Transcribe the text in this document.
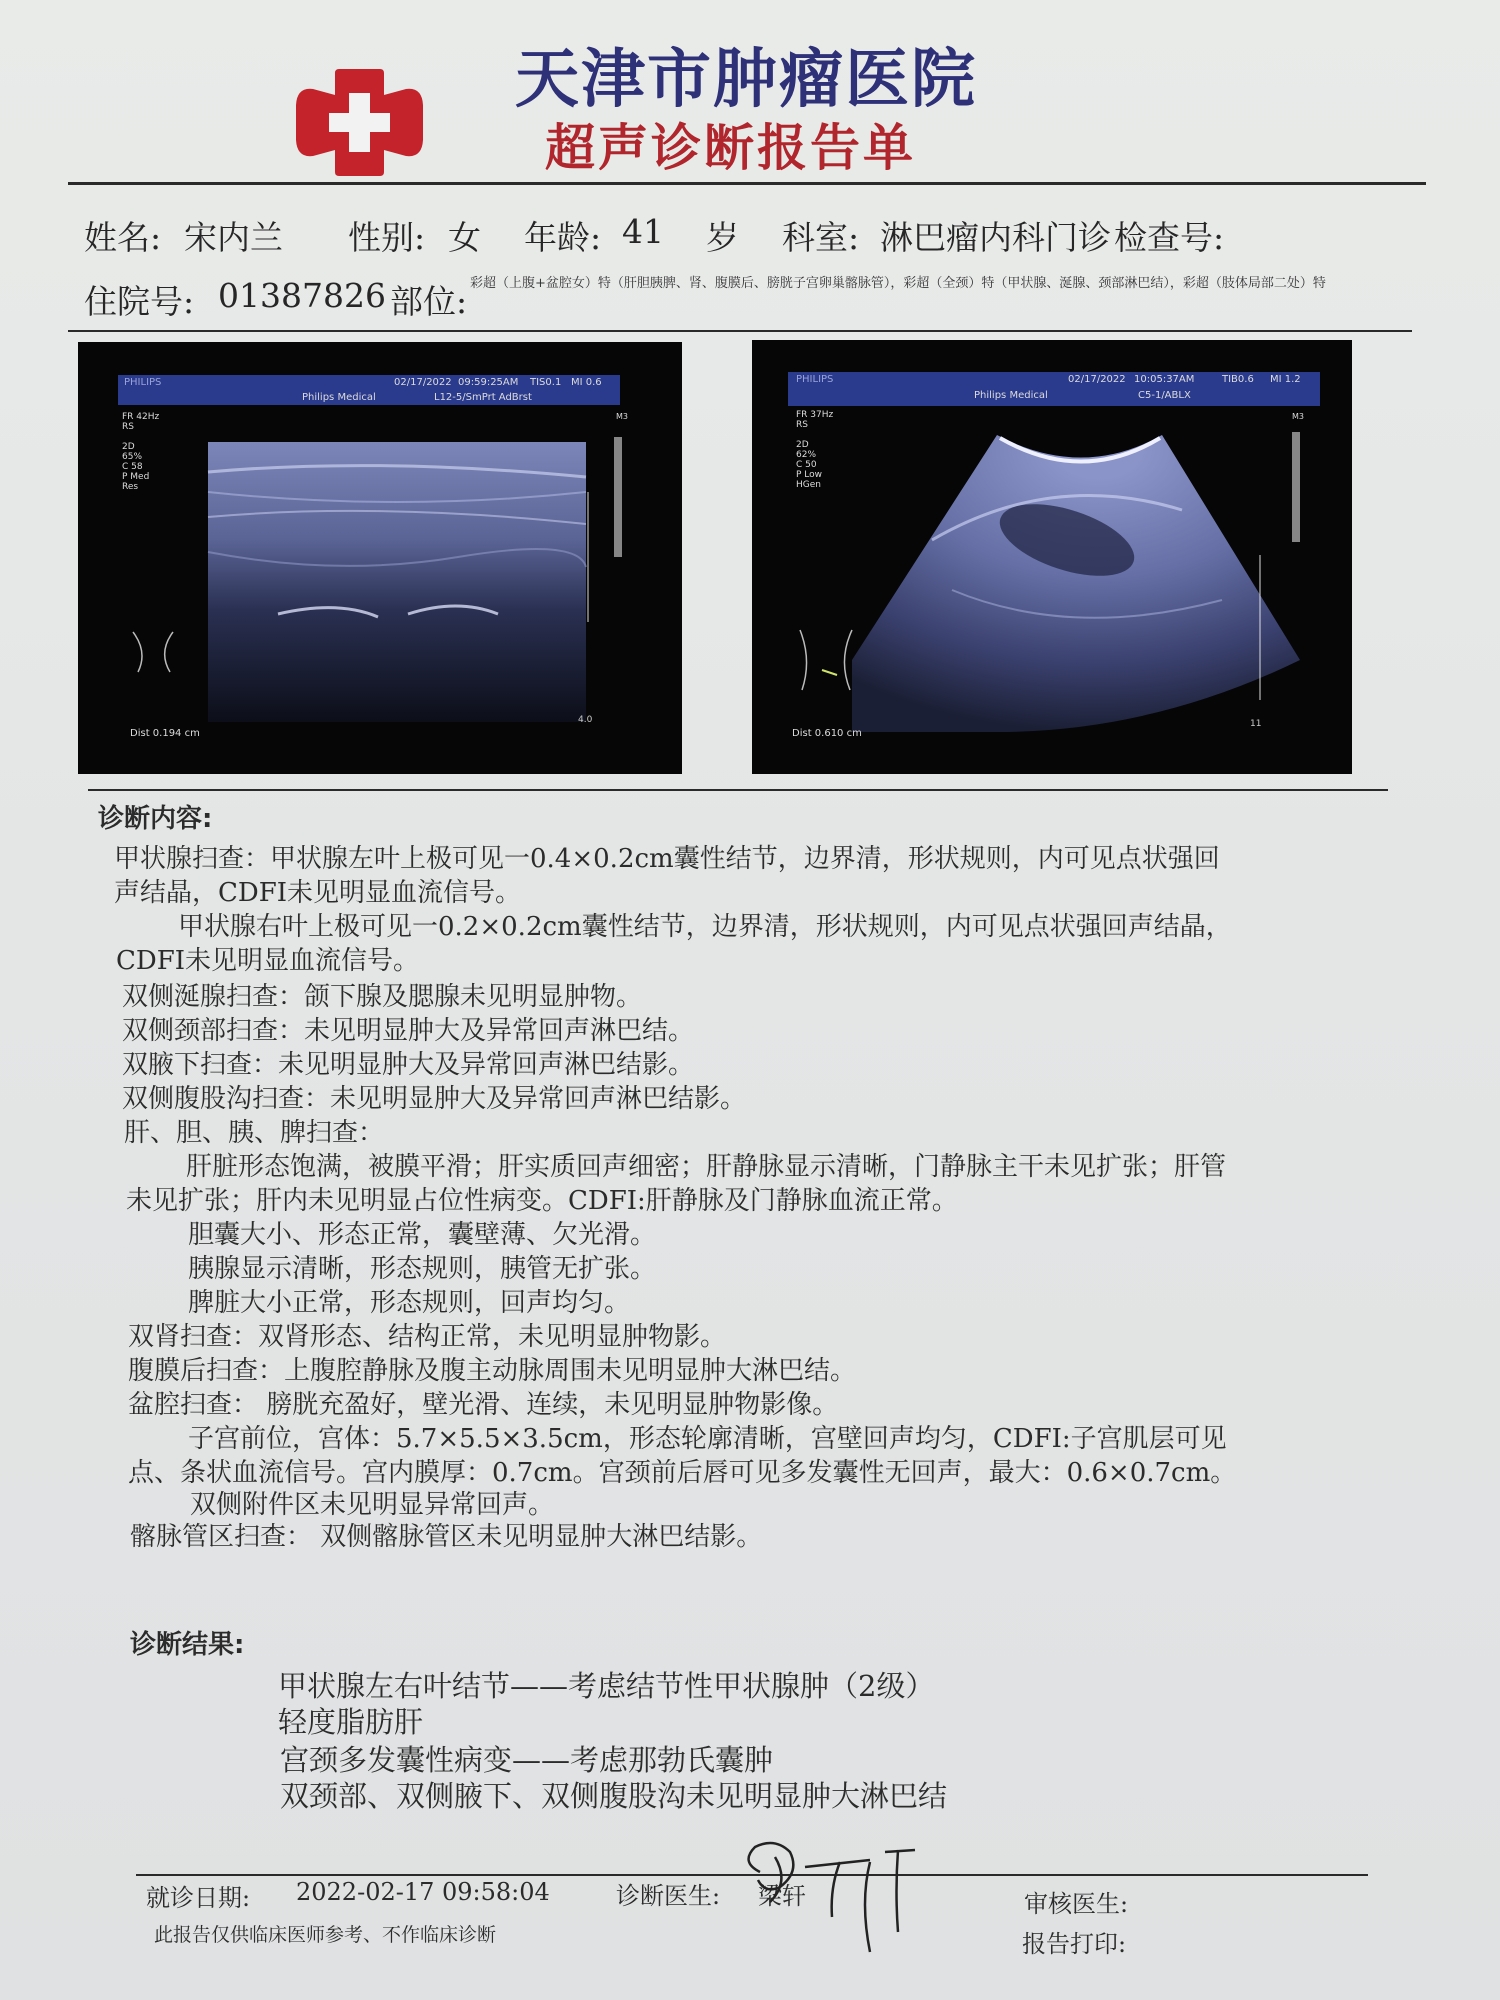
天津市肿瘤医院
超声诊断报告单
姓名: 宋内兰 性别: 女 年龄: 41 岁 科室: 淋巴瘤内科门诊 检查号:
住院号: 01387826 部位: 彩超（上腹+盆腔女）特（肝胆胰脾、肾、腹膜后、膀胱子宫卵巢髂脉管），彩超（全颈）特（甲状腺、涎腺、颈部淋巴结），彩超（肢体局部二处）特
PHILIPS	02/17/2022 09:59:25AM TIS0.1 MI 0.6
Philips Medical	L12-5/SmPrt AdBrst
FR 42Hz
RS

2D
65%
C 58
P Med
Res
M3
4.0
Dist 0.194 cm
PHILIPS	02/17/2022 10:05:37AM	TIB0.6 MI 1.2
Philips Medical	C5-1/ABLX
FR 37Hz
RS

2D
62%
C 50
P Low
HGen
M3
11
Dist 0.610 cm
诊断内容:
甲状腺扫查：甲状腺左叶上极可见一0.4×0.2cm囊性结节，边界清，形状规则，内可见点状强回
声结晶，CDFI未见明显血流信号。
甲状腺右叶上极可见一0.2×0.2cm囊性结节，边界清，形状规则，内可见点状强回声结晶，
CDFI未见明显血流信号。
双侧涎腺扫查：颌下腺及腮腺未见明显肿物。
双侧颈部扫查：未见明显肿大及异常回声淋巴结。
双腋下扫查：未见明显肿大及异常回声淋巴结影。
双侧腹股沟扫查：未见明显肿大及异常回声淋巴结影。
肝、胆、胰、脾扫查：
肝脏形态饱满，被膜平滑；肝实质回声细密；肝静脉显示清晰，门静脉主干未见扩张；肝管
未见扩张；肝内未见明显占位性病变。CDFI:肝静脉及门静脉血流正常。
胆囊大小、形态正常，囊壁薄、欠光滑。
胰腺显示清晰，形态规则，胰管无扩张。
脾脏大小正常，形态规则，回声均匀。
双肾扫查：双肾形态、结构正常，未见明显肿物影。
腹膜后扫查：上腹腔静脉及腹主动脉周围未见明显肿大淋巴结。
盆腔扫查： 膀胱充盈好，壁光滑、连续，未见明显肿物影像。
子宫前位，宫体：5.7×5.5×3.5cm，形态轮廓清晰，宫壁回声均匀，CDFI:子宫肌层可见
点、条状血流信号。宫内膜厚：0.7cm。宫颈前后唇可见多发囊性无回声，最大：0.6×0.7cm。
双侧附件区未见明显异常回声。
髂脉管区扫查： 双侧髂脉管区未见明显肿大淋巴结影。
诊断结果:
甲状腺左右叶结节——考虑结节性甲状腺肿（2级）
轻度脂肪肝
宫颈多发囊性病变——考虑那勃氏囊肿
双颈部、双侧腋下、双侧腹股沟未见明显肿大淋巴结
就诊日期: 2022-02-17 09:58:04	诊断医生: 梁轩	审核医生:
此报告仅供临床医师参考、不作临床诊断	报告打印:
